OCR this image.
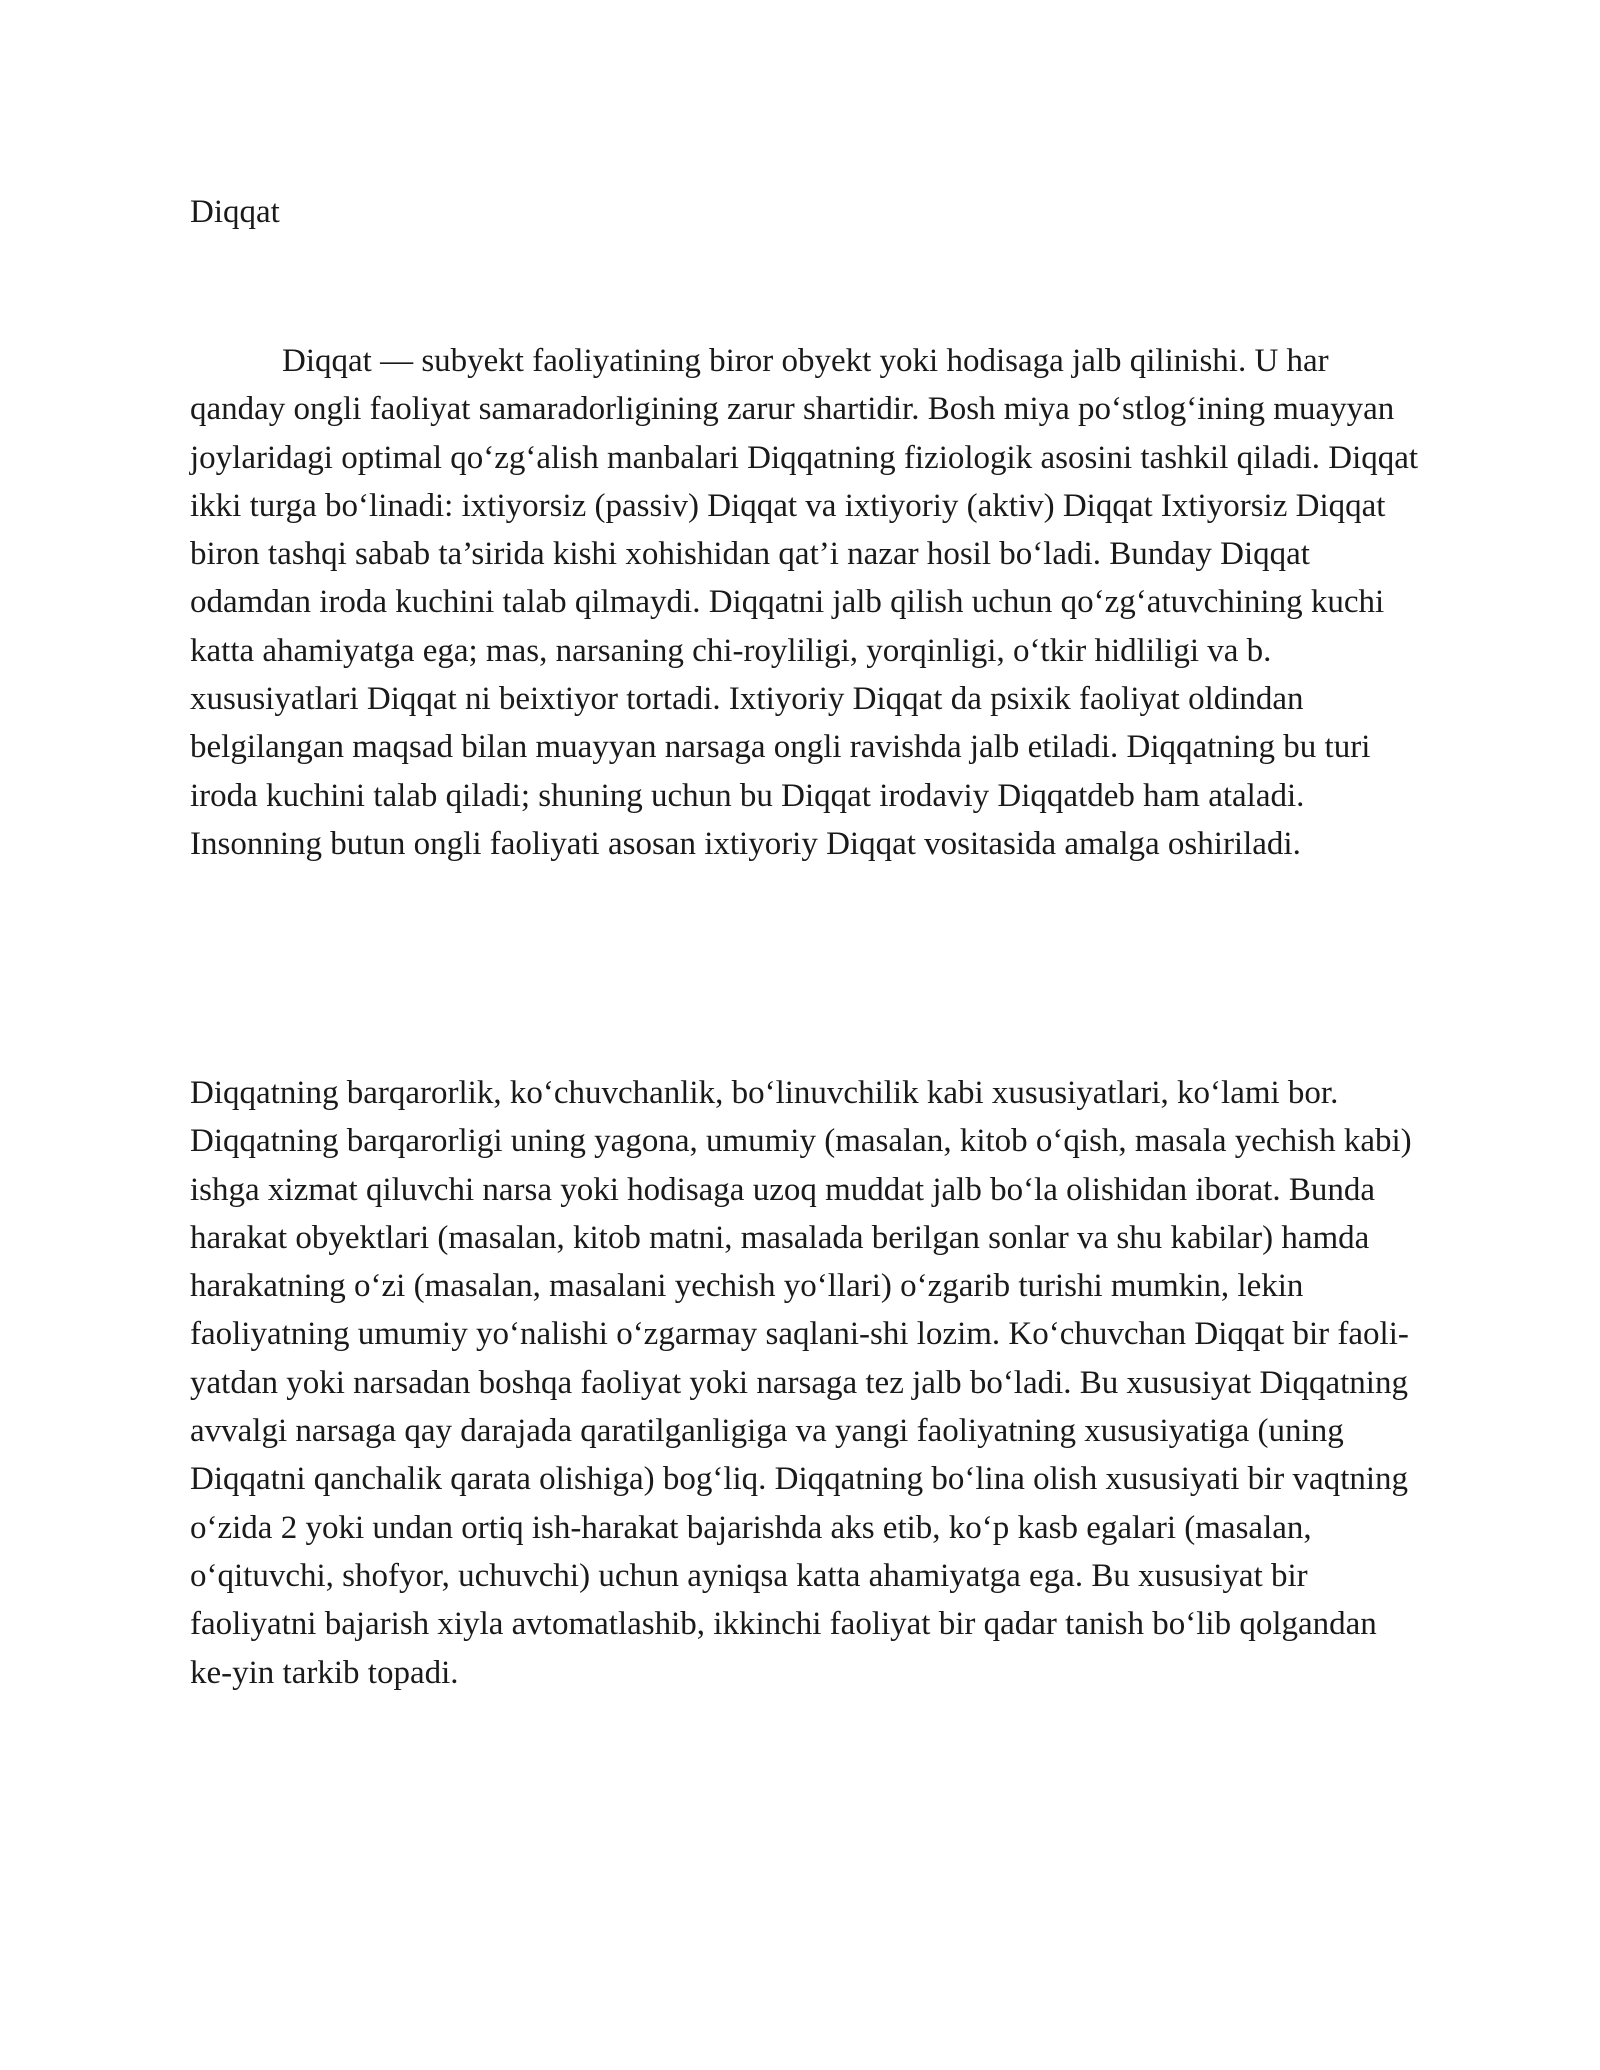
Diqqat

Diqqat — subyekt faoliyatining biror obyekt yoki hodisaga jalb qilinishi. U har qanday ongli faoliyat samaradorligining zarur shartidir. Bosh miya po‘stlog‘ining muayyan joylaridagi optimal qo‘zg‘alish manbalari Diqqatning fiziologik asosini tashkil qiladi. Diqqat ikki turga bo‘linadi: ixtiyorsiz (passiv) Diqqat va ixtiyoriy (aktiv) Diqqat Ixtiyorsiz Diqqat biron tashqi sabab ta’sirida kishi xohishidan qat’i nazar hosil bo‘ladi. Bunday Diqqat odamdan iroda kuchini talab qilmaydi. Diqqatni jalb qilish uchun qo‘zg‘atuvchining kuchi katta ahamiyatga ega; mas, narsaning chi-royliligi, yorqinligi, o‘tkir hidliligi va b. xususiyatlari Diqqat ni beixtiyor tortadi. Ixtiyoriy Diqqat da psixik faoliyat oldindan belgilangan maqsad bilan muayyan narsaga ongli ravishda jalb etiladi. Diqqatning bu turi iroda kuchini talab qiladi; shuning uchun bu Diqqat irodaviy Diqqatdeb ham ataladi. Insonning butun ongli faoliyati asosan ixtiyoriy Diqqat vositasida amalga oshiriladi.

Diqqatning barqarorlik, ko‘chuvchanlik, bo‘linuvchilik kabi xususiyatlari, ko‘lami bor. Diqqatning barqarorligi uning yagona, umumiy (masalan, kitob o‘qish, masala yechish kabi) ishga xizmat qiluvchi narsa yoki hodisaga uzoq muddat jalb bo‘la olishidan iborat. Bunda harakat obyektlari (masalan, kitob matni, masalada berilgan sonlar va shu kabilar) hamda harakatning o‘zi (masalan, masalani yechish yo‘llari) o‘zgarib turishi mumkin, lekin faoliyatning umumiy yo‘nalishi o‘zgarmay saqlani-shi lozim. Ko‘chuvchan Diqqat bir faoli-yatdan yoki narsadan boshqa faoliyat yoki narsaga tez jalb bo‘ladi. Bu xususiyat Diqqatning avvalgi narsaga qay darajada qaratilganligiga va yangi faoliyatning xususiyatiga (uning Diqqatni qanchalik qarata olishiga) bog‘liq. Diqqatning bo‘lina olish xususiyati bir vaqtning o‘zida 2 yoki undan ortiq ish-harakat bajarishda aks etib, ko‘p kasb egalari (masalan, o‘qituvchi, shofyor, uchuvchi) uchun ayniqsa katta ahamiyatga ega. Bu xususiyat bir faoliyatni bajarish xiyla avtomatlashib, ikkinchi faoliyat bir qadar tanish bo‘lib qolgandan ke-yin tarkib topadi.
